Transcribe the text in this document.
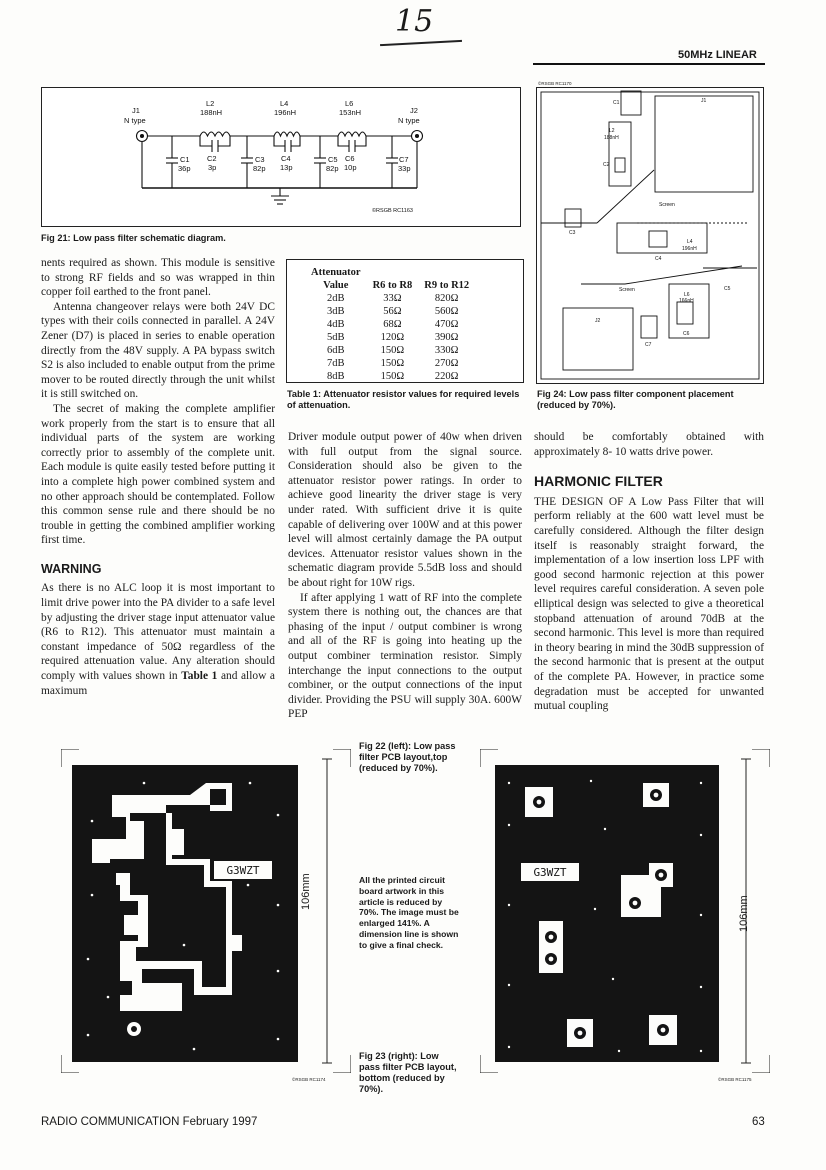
15
50MHz LINEAR
J1
N type
J2
N type
L2
188nH
L4
196nH
L6
153nH
C1
36p
C2
3p
C3
82p
C4
13p
C5
82p
C6
10p
C7
33p
©RSGB RC1163
Fig 21: Low pass filter schematic diagram.
©RSGB RC1170
C1	J1
L2
188nH
C2
Screen
C3
L4
196nH
C4
Screen	C5
L6
166nH
J2
C7
C6
Fig 24: Low pass filter component placement (reduced by 70%).
Attenuator		
Value	R6 to R8	R9 to R12
2dB	33Ω	820Ω
3dB	56Ω	560Ω
4dB	68Ω	470Ω
5dB	120Ω	390Ω
6dB	150Ω	330Ω
7dB	150Ω	270Ω
8dB	150Ω	220Ω
Table 1: Attenuator resistor values for required levels of attenuation.

nents required as shown. This module is sensitive to strong RF fields and so was wrapped in thin copper foil earthed to the front panel.

Antenna changeover relays were both 24V DC types with their coils connected in parallel. A 24V Zener (D7) is placed in series to enable operation directly from the 48V supply. A PA bypass switch S2 is also included to enable output from the prime mover to be routed directly through the unit whilst it is still switched on.

The secret of making the complete amplifier work properly from the start is to ensure that all individual parts of the system are working correctly prior to assembly of the complete unit. Each module is quite easily tested before putting it into a complete high power combined system and no other approach should be contemplated. Follow this common sense rule and there should be no trouble in getting the combined amplifier working first time.

WARNING

As there is no ALC loop it is most important to limit drive power into the PA divider to a safe level by adjusting the driver stage input attenuator value (R6 to R12). This attenuator must maintain a constant impedance of 50Ω regardless of the required attenuation value. Any alteration should comply with values shown in Table 1 and allow a maximum

Driver module output power of 40w when driven with full output from the signal source. Consideration should also be given to the attenuator resistor power ratings. In order to achieve good linearity the driver stage is very under rated. With sufficient drive it is quite capable of delivering over 100W and at this power level will almost certainly damage the PA output devices. Attenuator resistor values shown in the schematic diagram provide 5.5dB loss and should be about right for 10W rigs.

If after applying 1 watt of RF into the complete system there is nothing out, the chances are that phasing of the input / output combiner is wrong and all of the RF is going into heating up the output combiner termination resistor. Simply interchange the input connections to the output combiner, or the output connections of the input divider. Providing the PSU will supply 30A. 600W PEP

should be comfortably obtained with approximately 8- 10 watts drive power.

HARMONIC FILTER

THE DESIGN OF A Low Pass Filter that will perform reliably at the 600 watt level must be carefully considered. Although the filter design itself is reasonably straight forward, the implementation of a low insertion loss LPF with good second harmonic rejection at this power level requires careful consideration. A seven pole elliptical design was selected to give a theoretical stopband attenuation of around 70dB at the second harmonic. This level is more than required in theory bearing in mind the 30dB suppression of the second harmonic that is present at the output of the complete PA. However, in practice some degradation must be accepted for unwanted mutual coupling

G3WZT
106mm
©RSGB RC1174
Fig 22 (left): Low pass filter PCB layout,top (reduced by 70%).
All the printed circuit board artwork in this article is reduced by 70%. The image must be enlarged 141%. A dimension line is shown to give a final check.
Fig 23 (right): Low pass filter PCB layout, bottom (reduced by 70%).
G3WZT
106mm
©RSGB RC1175
RADIO COMMUNICATION February 1997	63
